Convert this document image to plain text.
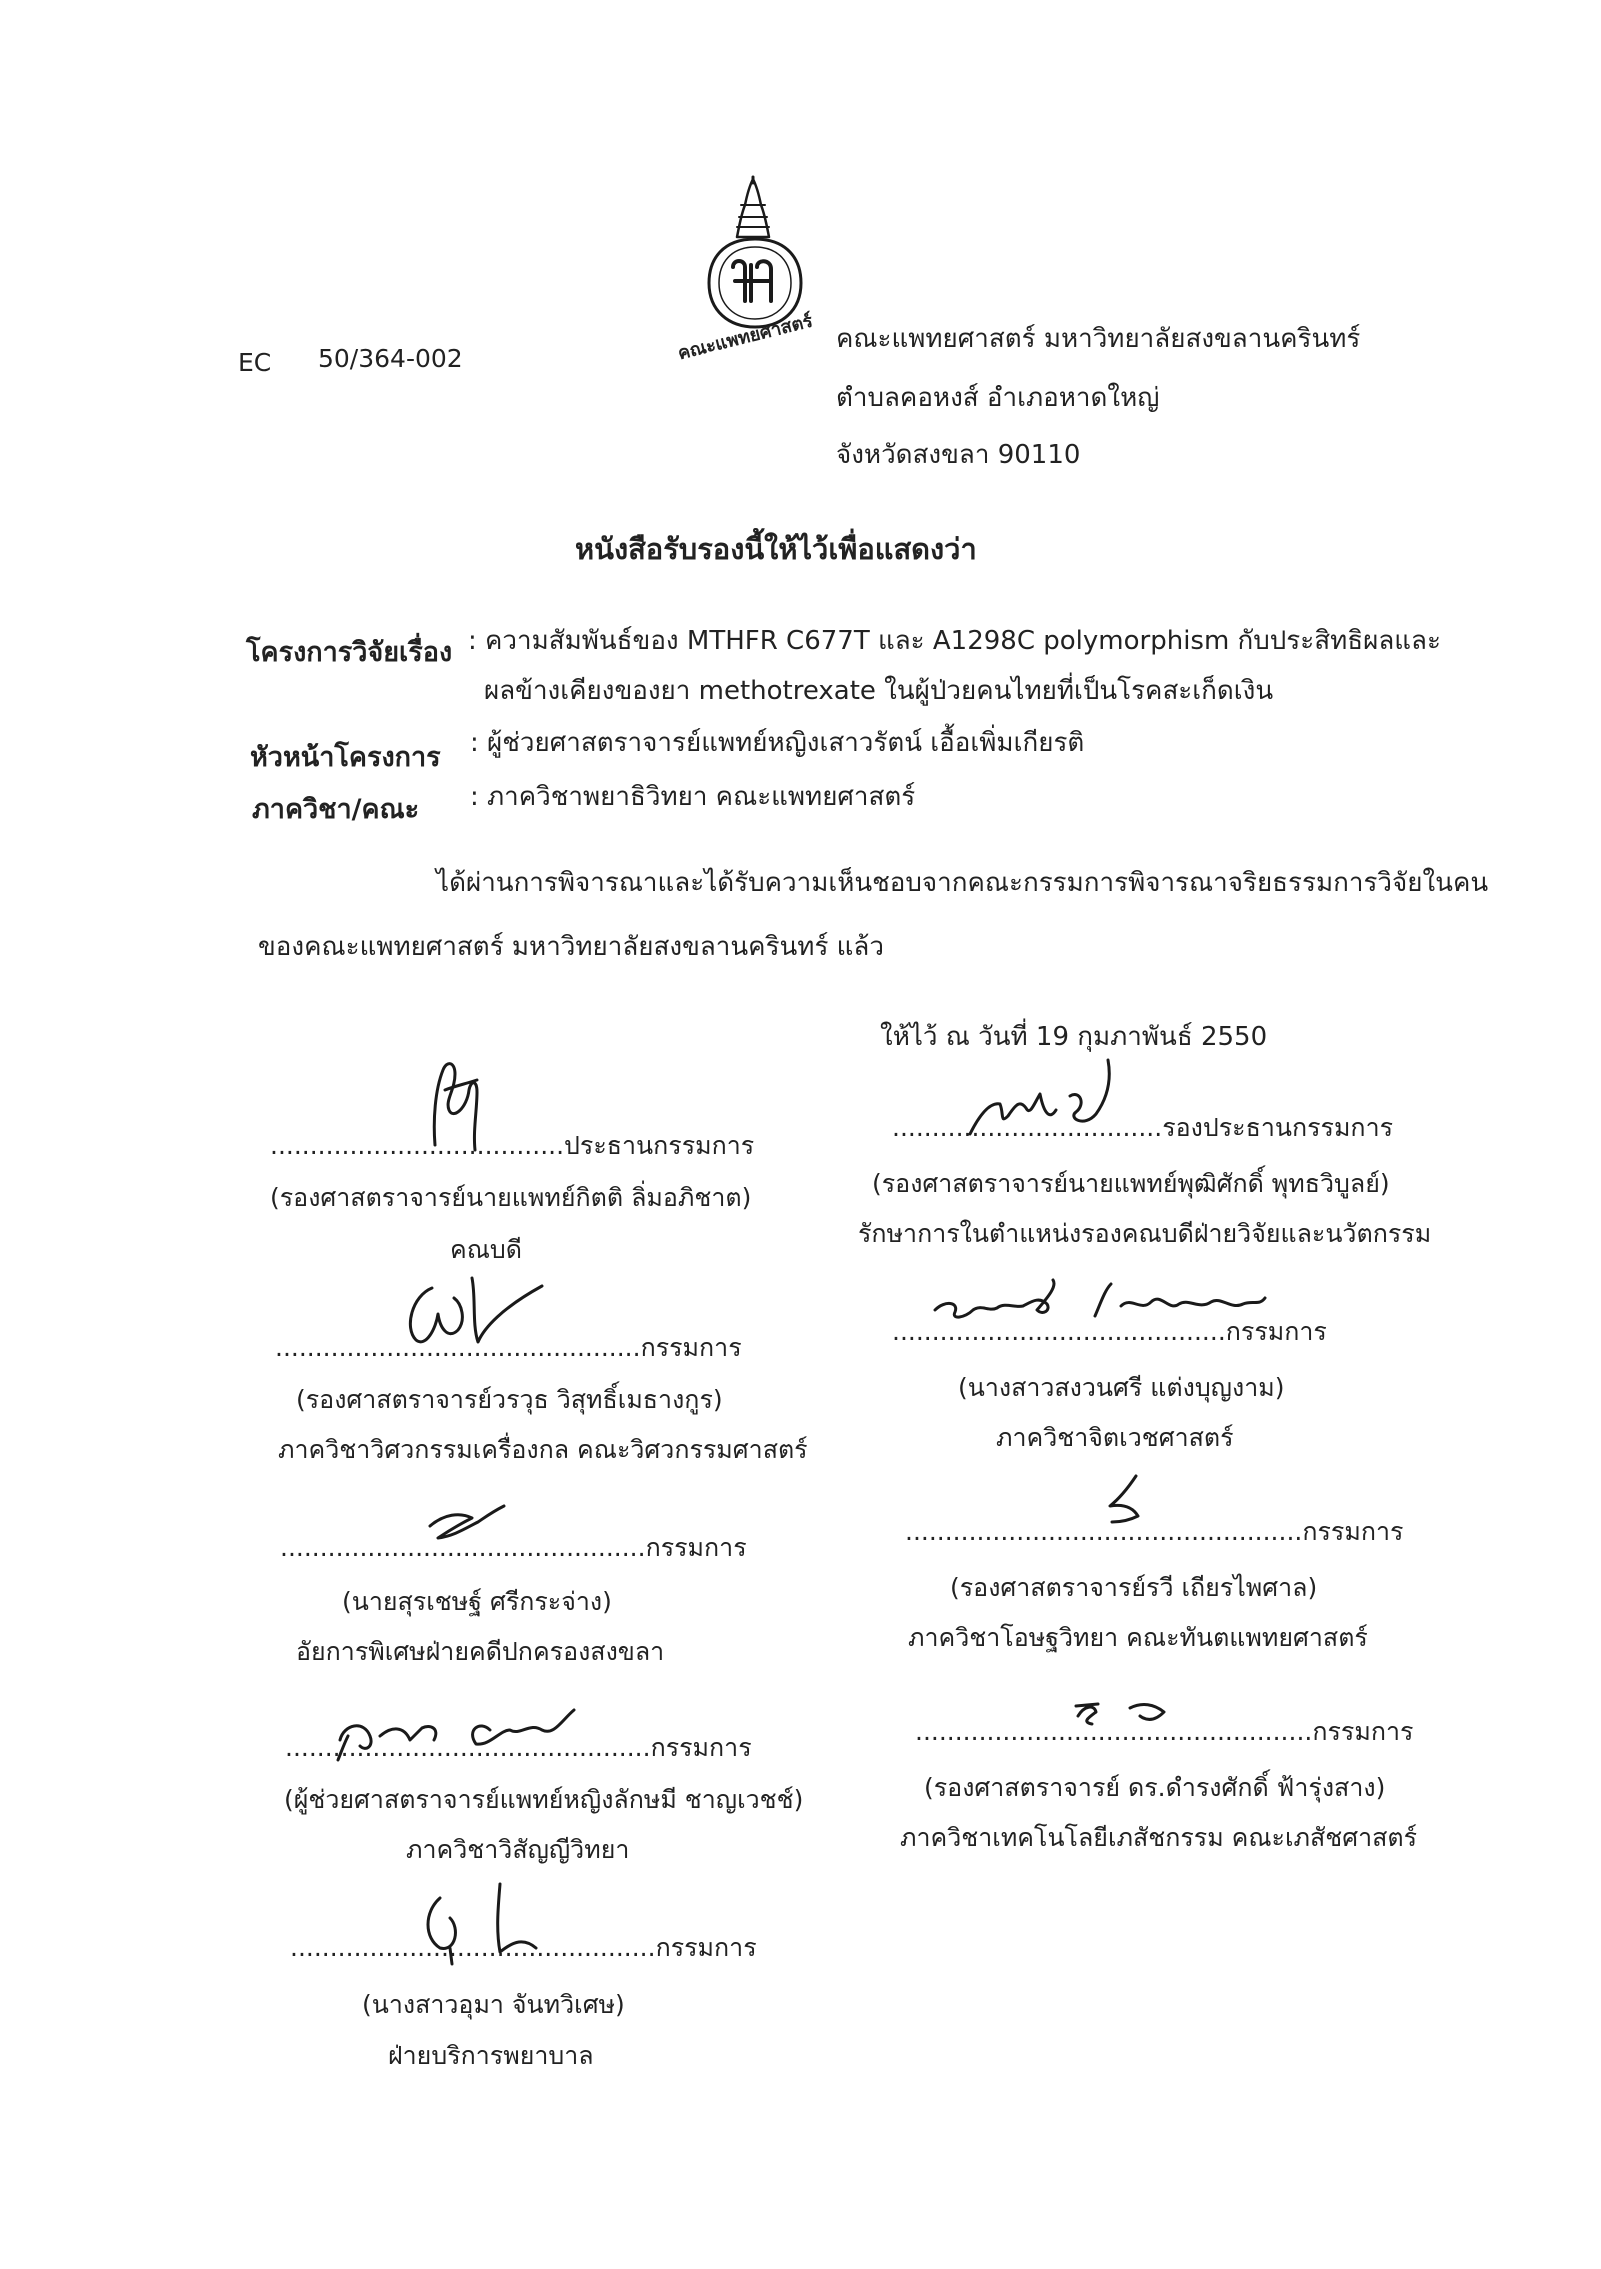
คณะแพทยศาสตร์
EC 50/364-002
คณะแพทยศาสตร์ มหาวิทยาลัยสงขลานครินทร์
ตำบลคอหงส์ อำเภอหาดใหญ่
จังหวัดสงขลา 90110
หนังสือรับรองนี้ให้ไว้เพื่อแสดงว่า
โครงการวิจัยเรื่อง : ความสัมพันธ์ของ MTHFR C677T และ A1298C polymorphism กับประสิทธิผลและ
ผลข้างเคียงของยา methotrexate ในผู้ป่วยคนไทยที่เป็นโรคสะเก็ดเงิน
หัวหน้าโครงการ : ผู้ช่วยศาสตราจารย์แพทย์หญิงเสาวรัตน์ เอื้อเพิ่มเกียรติ
ภาควิชา/คณะ : ภาควิชาพยาธิวิทยา คณะแพทยศาสตร์
ได้ผ่านการพิจารณาและได้รับความเห็นชอบจากคณะกรรมการพิจารณาจริยธรรมการวิจัยในคน
ของคณะแพทยศาสตร์ มหาวิทยาลัยสงขลานครินทร์ แล้ว
ให้ไว้ ณ วันที่ 19 กุมภาพันธ์ 2550
.....................................ประธานกรรมการ
(รองศาสตราจารย์นายแพทย์กิตติ ลิ่มอภิชาต)
คณบดี
..............................................กรรมการ
(รองศาสตราจารย์วรวุธ วิสุทธิ์เมธางกูร)
ภาควิชาวิศวกรรมเครื่องกล คณะวิศวกรรมศาสตร์
..............................................กรรมการ
(นายสุรเชษฐ์ ศรีกระจ่าง)
อัยการพิเศษฝ่ายคดีปกครองสงขลา
..............................................กรรมการ
(ผู้ช่วยศาสตราจารย์แพทย์หญิงลักษมี ชาญเวชช์)
ภาควิชาวิสัญญีวิทยา
..............................................กรรมการ
(นางสาวอุมา จันทวิเศษ)
ฝ่ายบริการพยาบาล
..................................รองประธานกรรมการ
(รองศาสตราจารย์นายแพทย์พุฒิศักดิ์ พุทธวิบูลย์)
รักษาการในตำแหน่งรองคณบดีฝ่ายวิจัยและนวัตกรรม
..........................................กรรมการ
(นางสาวสงวนศรี แต่งบุญงาม)
ภาควิชาจิตเวชศาสตร์
..................................................กรรมการ
(รองศาสตราจารย์รวี เถียรไพศาล)
ภาควิชาโอษฐวิทยา คณะทันตแพทยศาสตร์
..................................................กรรมการ
(รองศาสตราจารย์ ดร.ดำรงศักดิ์ ฟ้ารุ่งสาง)
ภาควิชาเทคโนโลยีเภสัชกรรม คณะเภสัชศาสตร์
